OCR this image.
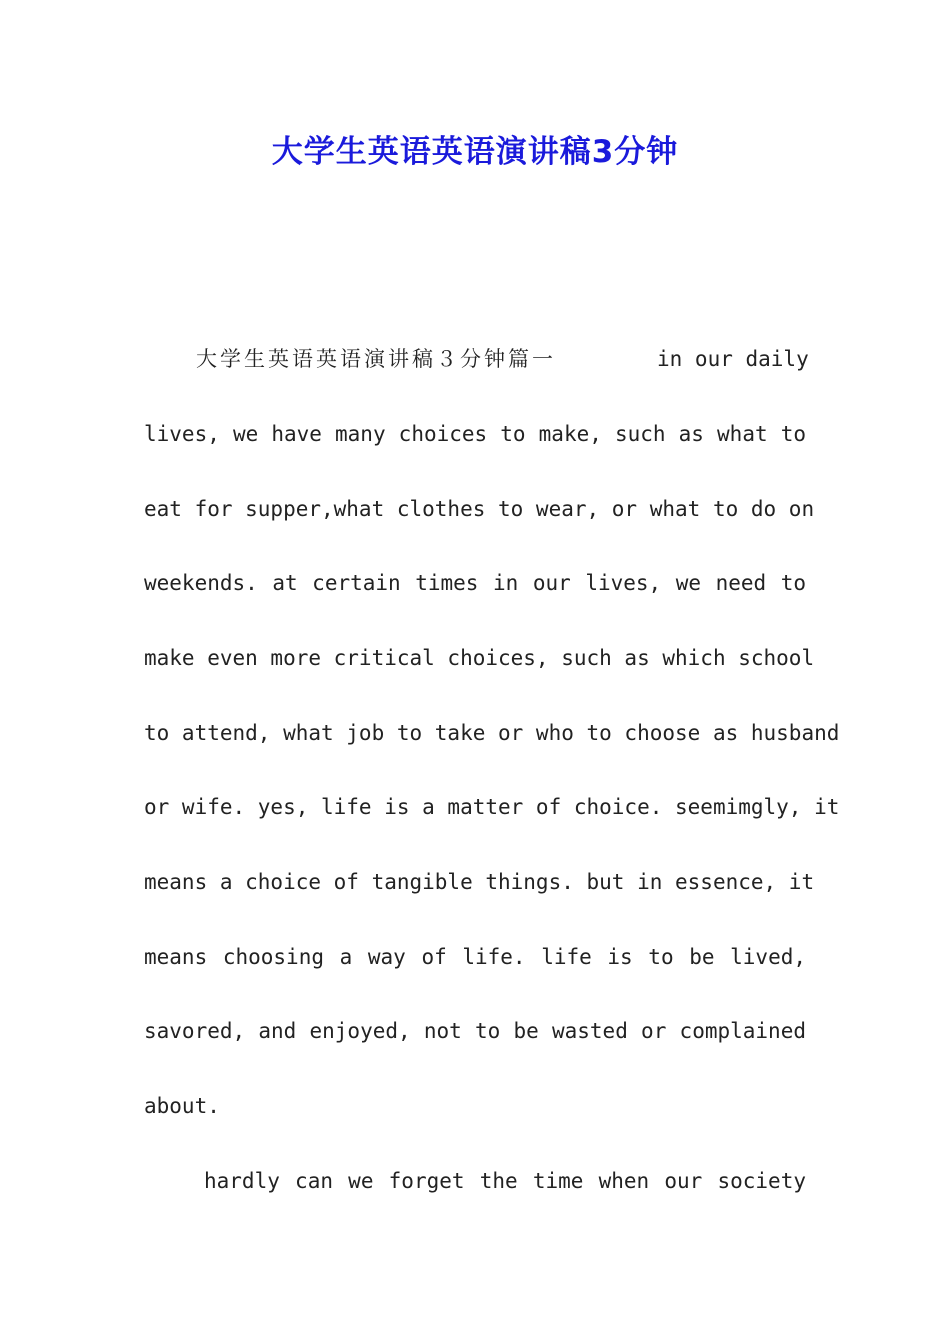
大学生英语英语演讲稿3分钟

大学生英语英语演讲稿３分钟篇一	in our daily

lives, we have many choices to make, such as what to

eat for supper,what clothes to wear, or what to do on

weekends. at certain times in our lives, we need to

make even more critical choices, such as which school

to attend, what job to take or who to choose as husband

or wife. yes, life is a matter of choice. seemimgly, it

means a choice of tangible things. but in essence, it

means choosing a way of life. life is to be lived,

savored, and enjoyed, not to be wasted or complained

about.

hardly can we forget the time when our society
